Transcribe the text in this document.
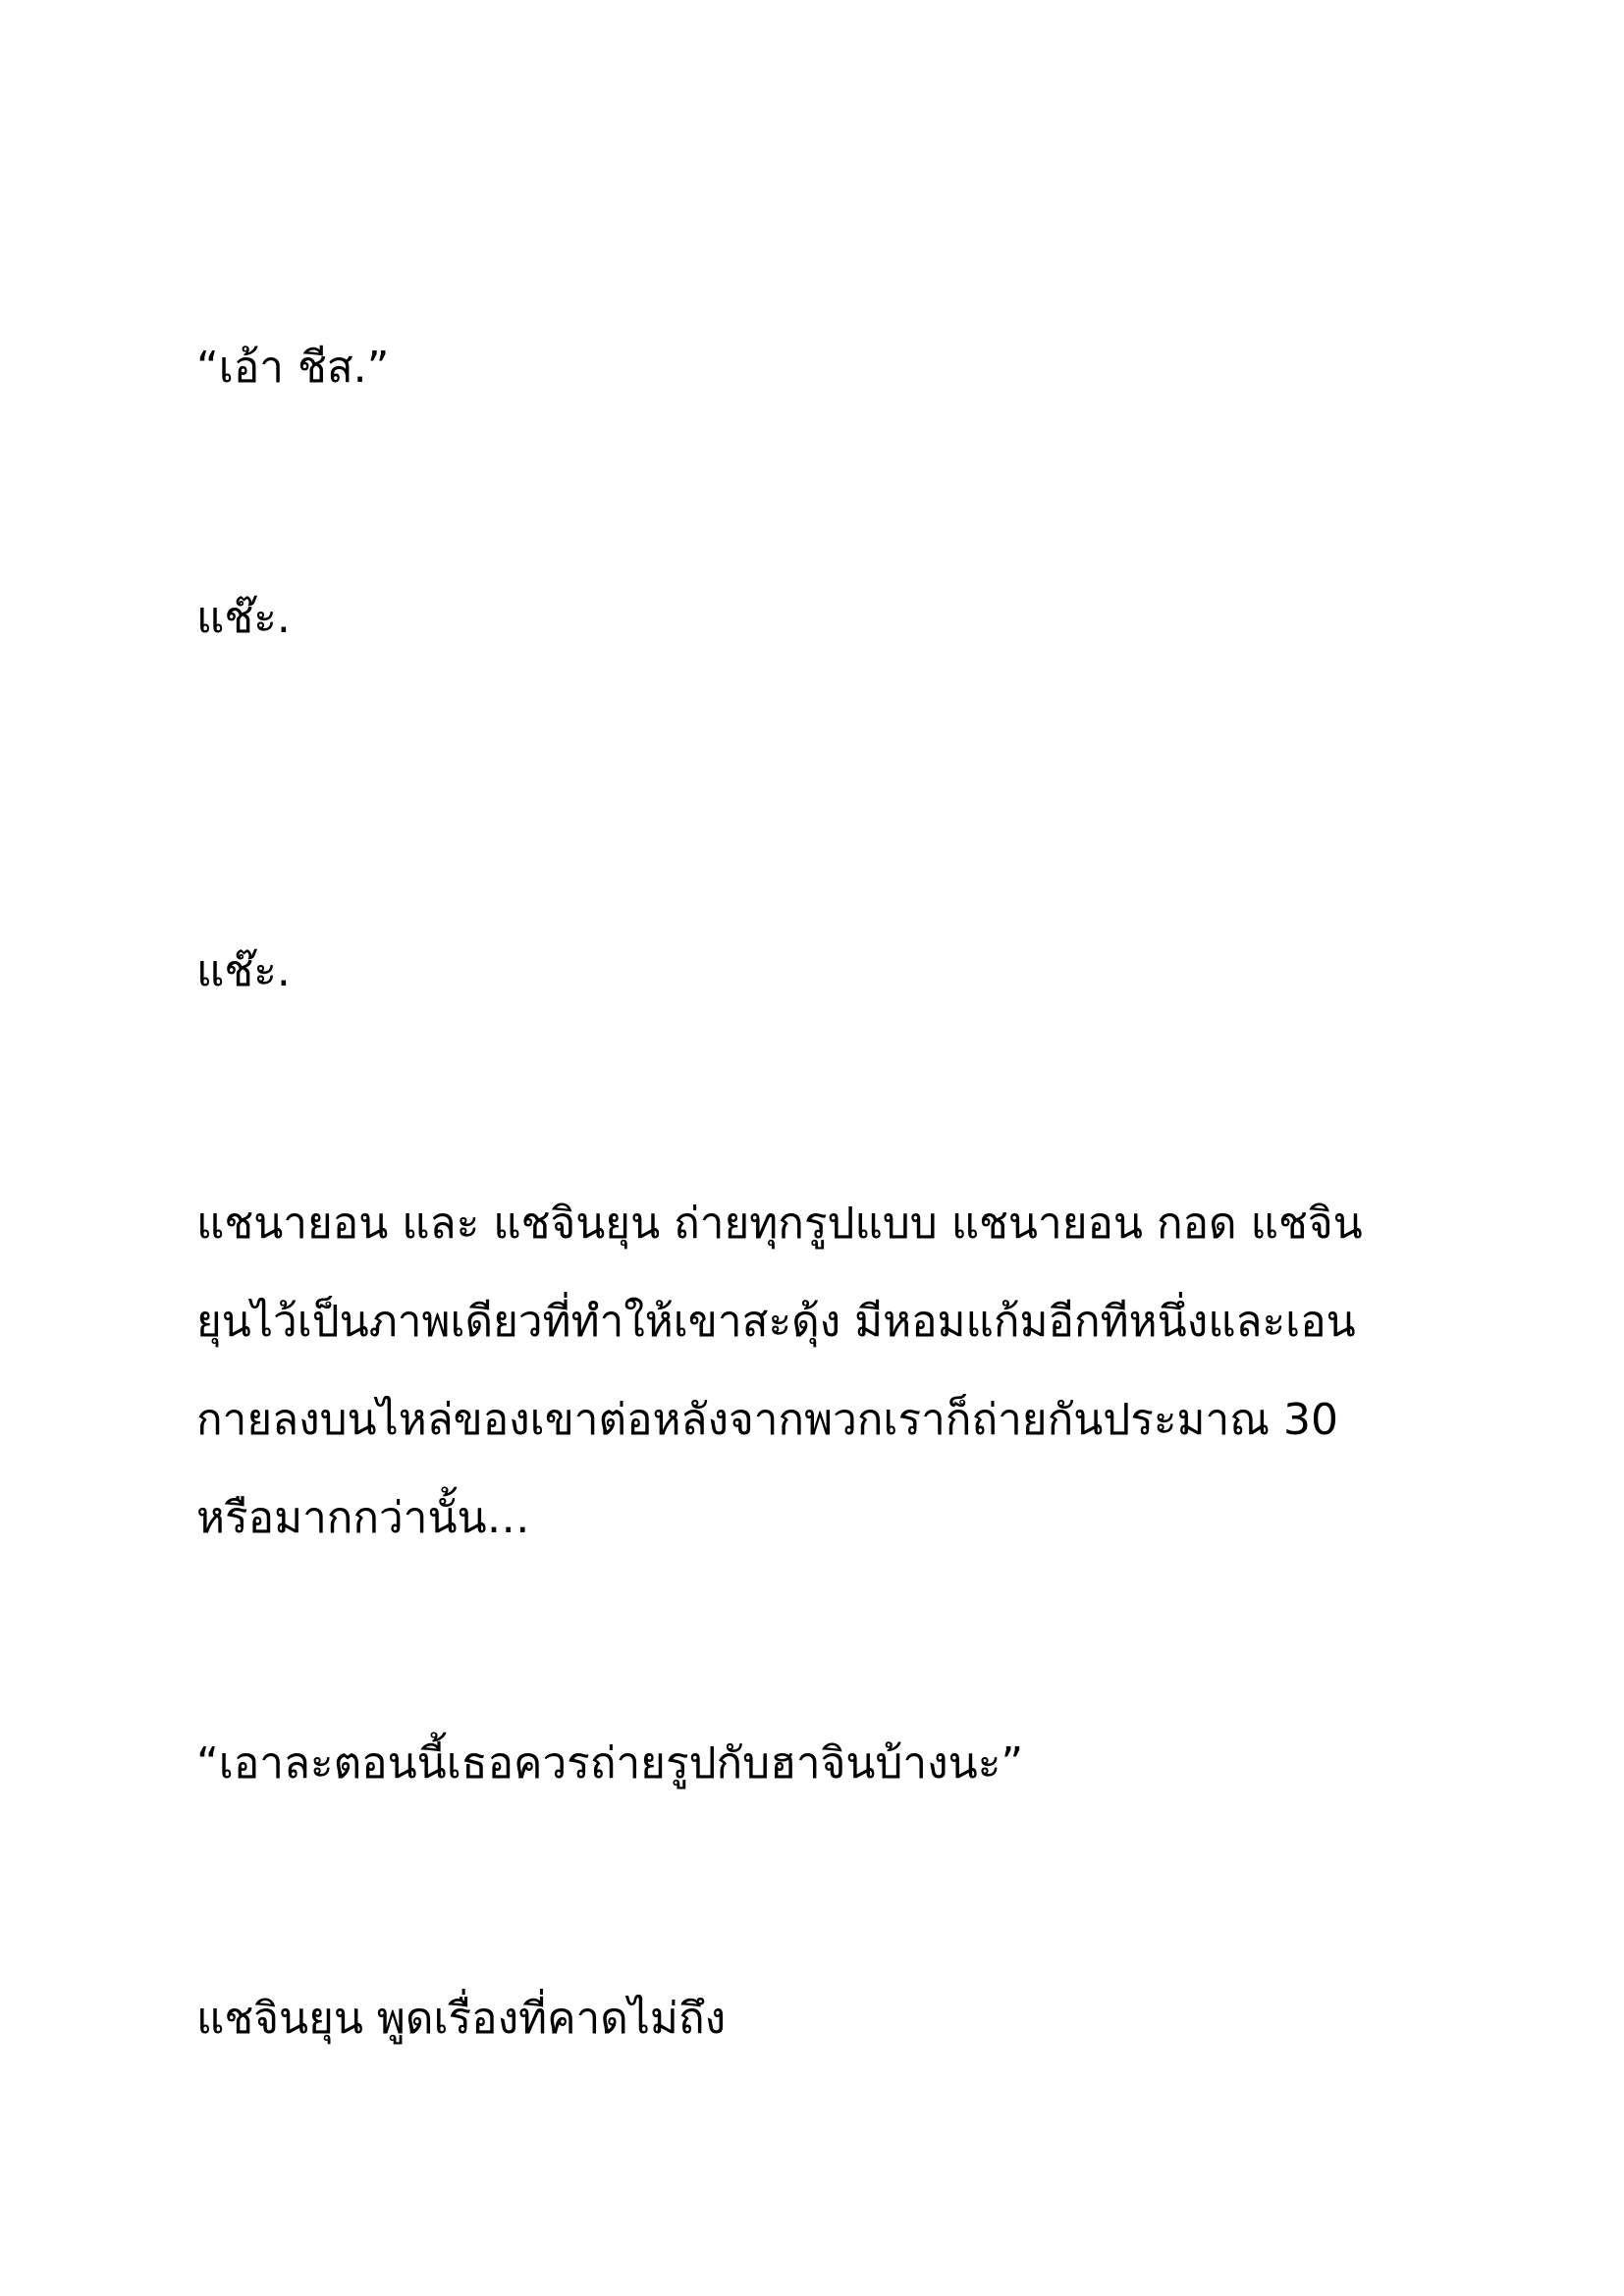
“เอ้า ชีส.”

แช๊ะ.

แช๊ะ.

แชนายอน และ แชจินยุน ถ่ายทุกรูปแบบ แชนายอน กอด แชจิน
ยุนไว้เป็นภาพเดียวที่ทำให้เขาสะดุ้ง มีหอมแก้มอีกทีหนึ่งและเอน
กายลงบนไหล่ของเขาต่อหลังจากพวกเราก็ถ่ายกันประมาณ 30
หรือมากกว่านั้น…

“เอาละตอนนี้เธอควรถ่ายรูปกับฮาจินบ้างนะ”

แชจินยุน พูดเรื่องที่คาดไม่ถึง
